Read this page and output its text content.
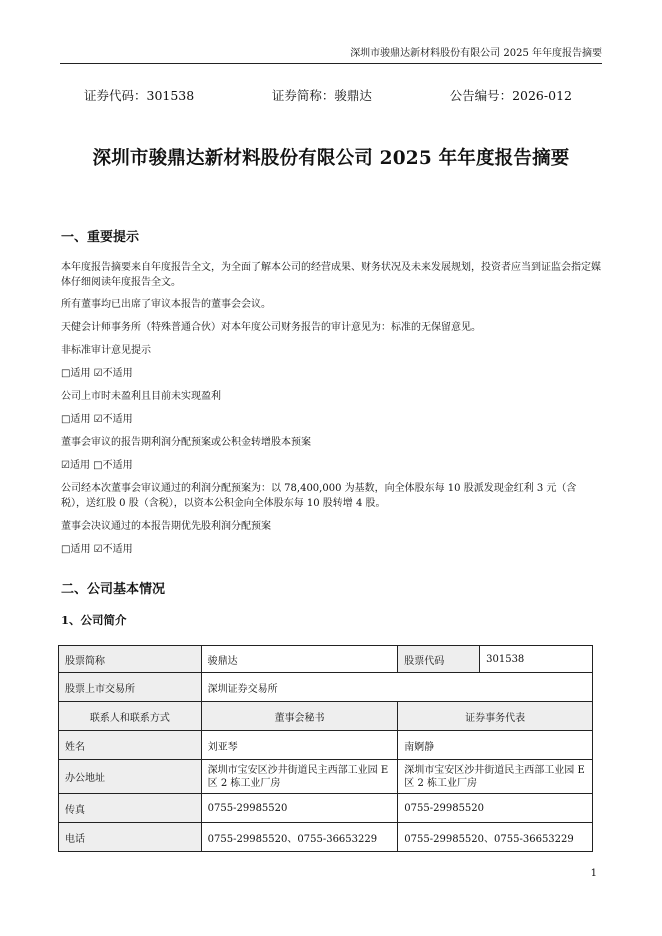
深圳市骏鼎达新材料股份有限公司 2025 年年度报告摘要
证券代码：301538	证券简称：骏鼎达	公告编号：2026-012
深圳市骏鼎达新材料股份有限公司 2025 年年度报告摘要
一、重要提示
本年度报告摘要来自年度报告全文，为全面了解本公司的经营成果、财务状况及未来发展规划，投资者应当到证监会指定媒体仔细阅读年度报告全文。
所有董事均已出席了审议本报告的董事会会议。
天健会计师事务所（特殊普通合伙）对本年度公司财务报告的审计意见为：标准的无保留意见。
非标准审计意见提示
□适用 ☑不适用
公司上市时未盈利且目前未实现盈利
□适用 ☑不适用
董事会审议的报告期利润分配预案或公积金转增股本预案
☑适用 □不适用
公司经本次董事会审议通过的利润分配预案为：以 78,400,000 为基数，向全体股东每 10 股派发现金红利 3 元（含税），送红股 0 股（含税），以资本公积金向全体股东每 10 股转增 4 股。
董事会决议通过的本报告期优先股利润分配预案
□适用 ☑不适用
二、公司基本情况
1、公司简介
股票简称	骏鼎达	股票代码	301538
股票上市交易所	深圳证券交易所		
联系人和联系方式	董事会秘书	证券事务代表	
姓名	刘亚琴	南婀静	
办公地址	深圳市宝安区沙井街道民主西部工业园 E 区 2 栋工业厂房	深圳市宝安区沙井街道民主西部工业园 E 区 2 栋工业厂房	
传真	0755-29985520	0755-29985520	
电话	0755-29985520、0755-36653229	0755-29985520、0755-36653229	
1
